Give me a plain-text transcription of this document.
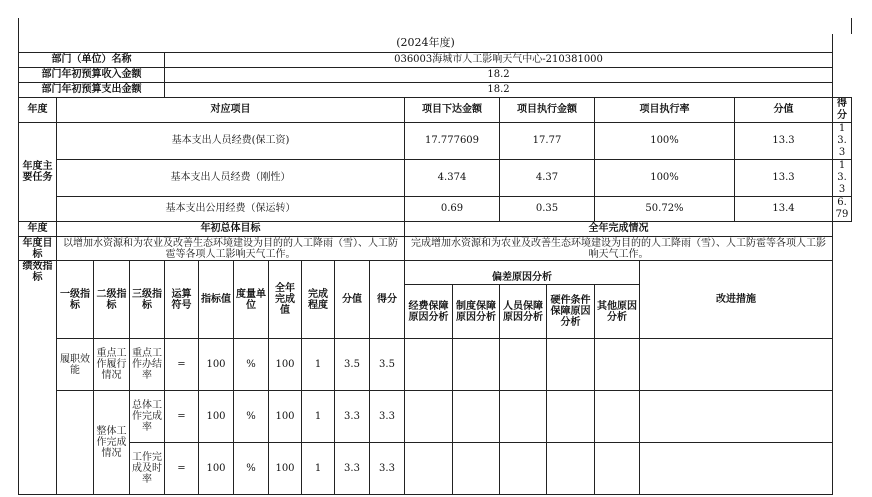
(2024年度)																		
部门（单位）名称				036003海城市人工影响天气中心-210381000														
部门年初预算收入金额				18.2														
部门年初预算支出金额				18.2														
年度	对应项目										项目下达金额		项目执行金额		项目执行率		分值	得分
年度主要任务	基本支出人员经费(保工资)										17.777609		17.77		100%		13.3	13.3
	基本支出人员经费（刚性）										4.374		4.37		100%		13.3	13.3
	基本支出公用经费（保运转）										0.69		0.35		50.72%		13.4	6.79
年度	年初总体目标										全年完成情况							
年度目标	以增加水资源和为农业及改善生态环境建设为目的的人工降雨（雪）、人工防雹等各项人工影响天气工作。										完成增加水资源和为农业及改善生态环境建设为目的的人工降雨（雪）、人工防雹等各项人工影响天气工作。							
绩效指标	一级指标	二级指标	三级指标	运算符号	指标值	度量单位	全年完成值	完成程度	分值	得分	偏差原因分析					改进措施		
											经费保障原因分析	制度保障原因分析	人员保障原因分析	硬件条件保障原因分析	其他原因分析			
	履职效能	重点工作履行情况	重点工作办结率	=	100	%	100	1	3.5	3.5								
		整体工作完成情况	总体工作完成率	=	100	%	100	1	3.3	3.3								
			工作完成及时率	=	100	%	100	1	3.3	3.3								
